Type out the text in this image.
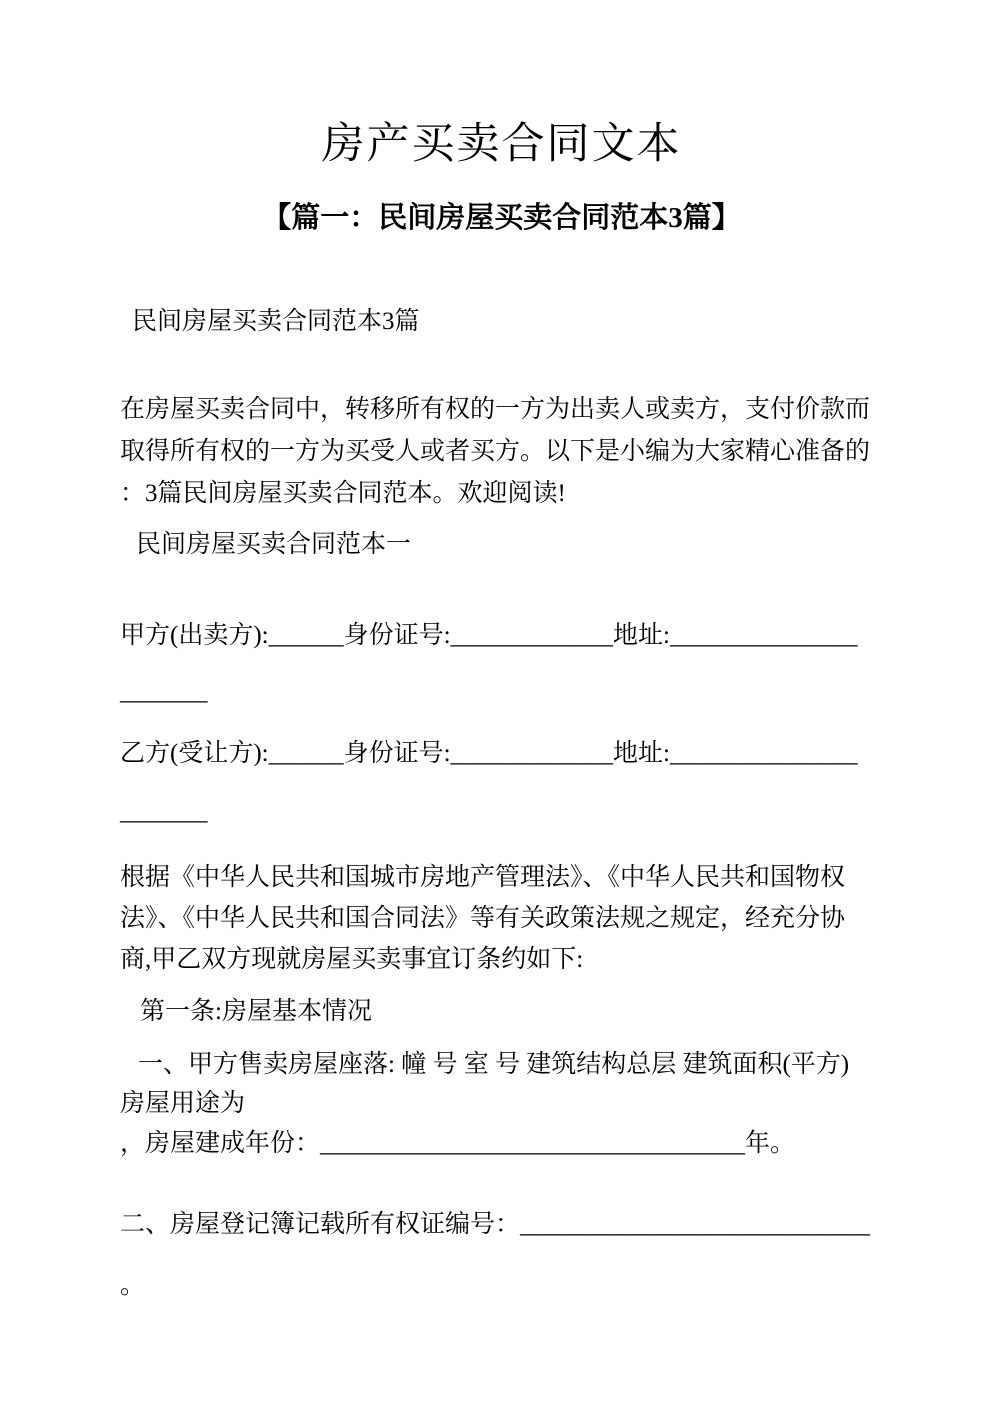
房产买卖合同文本
【篇一：民间房屋买卖合同范本3篇】

民间房屋买卖合同范本3篇

在房屋买卖合同中，转移所有权的一方为出卖人或卖方，支付价款而
取得所有权的一方为买受人或者买方。以下是小编为大家精心准备的
：3篇民间房屋买卖合同范本。欢迎阅读!

民间房屋买卖合同范本一

甲方(出卖方):______身份证号:_____________地址:_______________
_______
乙方(受让方):______身份证号:_____________地址:_______________
_______
根据《中华人民共和国城市房地产管理法》、《中华人民共和国物权
法》、《中华人民共和国合同法》等有关政策法规之规定，经充分协
商,甲乙双方现就房屋买卖事宜订条约如下:

第一条:房屋基本情况

一、甲方售卖房屋座落: 幢 号 室 号 建筑结构总层 建筑面积(平方)
房屋用途为

，房屋建成年份：__________________________________年。

二、房屋登记簿记载所有权证编号：____________________________

。
